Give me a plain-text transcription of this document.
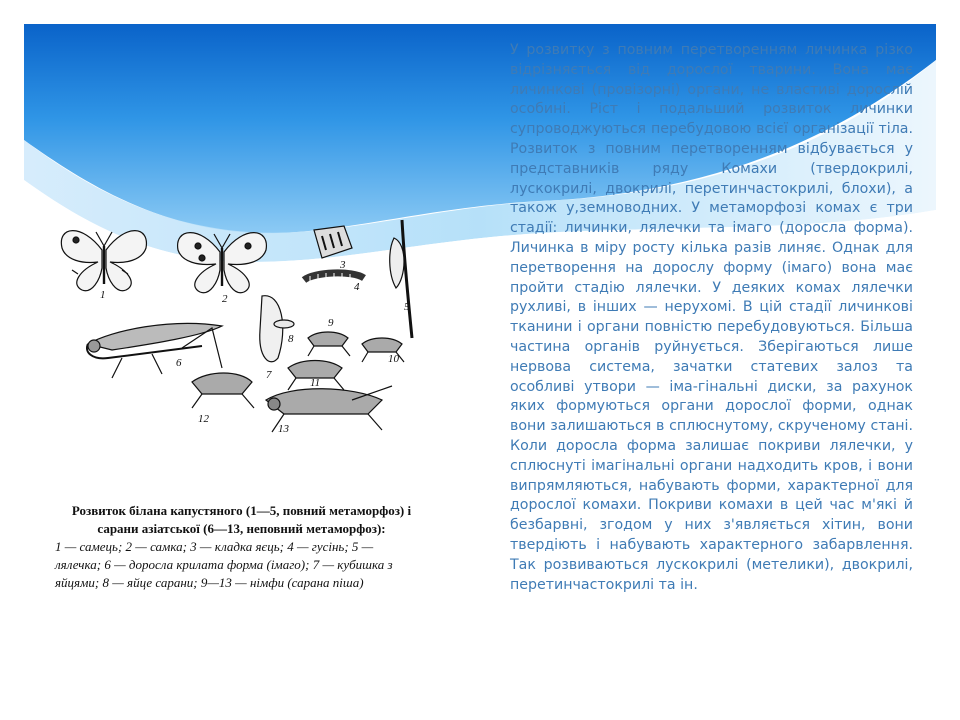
У розвитку з повним перетворенням личинка різко відрізняється від дорослої тварини. Вона має личинкові (провізорні) органи, не властиві дорослій особині. Ріст і подальший розвиток личинки супроводжуються перебудовою всієї організації тіла. Розвиток з повним перетворенням відбувається у представників ряду Комахи (твердокрилі, лускокрилі, двокрилі, перетинчастокрилі, блохи), а також у,земноводних. У метаморфозі комах є три стадії: личинки, лялечки та імаго (доросла форма). Личинка в міру росту кілька разів линяє. Однак для перетворення на дорослу форму (імаго) вона має пройти стадію лялечки. У деяких комах лялечки рухливі, в інших — нерухомі. В цій стадії личинкові тканини і органи повністю перебудовуються. Більша частина органів руйнується. Зберігаються лише нервова система, зачатки статевих залоз та особливі утвори — іма-гінальні диски, за рахунок яких формуються органи дорослої форми, однак вони залишаються в сплюснутому, скрученому стані. Коли доросла форма залишає покриви лялечки, у сплюснуті імагінальні органи надходить кров, і вони випрямляються, набувають форми, характерної для дорослої комахи. Покриви комахи в цей час м'які й безбарвні, згодом у них з'являється хітин, вони твердіють і набувають характерного забарвлення. Так розвиваються лускокрилі (метелики), двокрилі, перетинчастокрилі та ін.
1	2
3
4
5
6
7
8
9
10
11
12
13
Розвиток білана капустяного (1—5, повний метаморфоз) і сарани азіатської (6—13, неповний метаморфоз):
1 — самець; 2 — самка; 3 — кладка яєць; 4 — гусінь; 5 — лялечка; 6 — доросла крилата форма (імаго); 7 — кубишка з яйцями; 8 — яйце сарани; 9—13 — німфи (сарана піша)
